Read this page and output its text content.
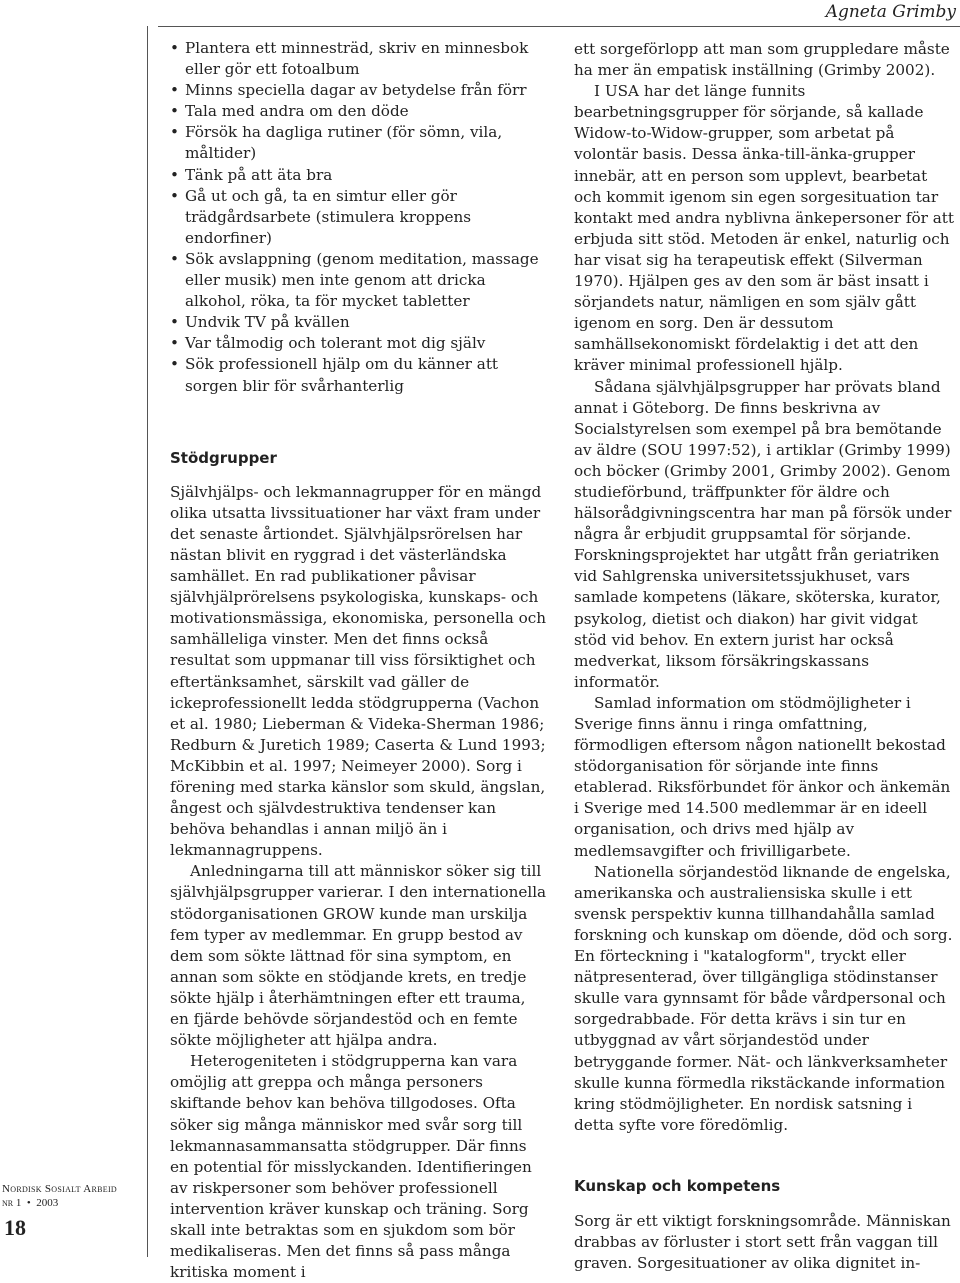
Agneta Grimby
Nordisk Sosialt Arbeid
nr 1  •  2003
18
• Plantera ett minnesträd, skriv en minnesbok eller gör ett fotoalbum
• Minns speciella dagar av betydelse från förr
• Tala med andra om den döde
• Försök ha dagliga rutiner (för sömn, vila, måltider)
• Tänk på att äta bra
• Gå ut och gå, ta en simtur eller gör trädgårdsarbete (stimulera kroppens endorfiner)
• Sök avslappning (genom meditation, massage eller musik) men inte genom att dricka alkohol, röka, ta för mycket tabletter
• Undvik TV på kvällen
• Var tålmodig och tolerant mot dig själv
• Sök professionell hjälp om du känner att sorgen blir för svårhanterlig
Stödgrupper

Självhjälps- och lekmannagrupper för en mängd olika utsatta livssituationer har växt fram under det senaste årtiondet. Självhjälpsrörelsen har nästan blivit en ryggrad i det västerländska samhället. En rad publikationer påvisar självhjälprörelsens psykologiska, kunskaps- och motivationsmässiga, ekonomiska, personella och samhälleliga vinster. Men det finns också resultat som uppmanar till viss försiktighet och eftertänksamhet, särskilt vad gäller de ickeprofessionellt ledda stödgrupperna (Vachon et al. 1980; Lieberman & Videka-Sherman 1986; Redburn & Juretich 1989; Caserta & Lund 1993; McKibbin et al. 1997; Neimeyer 2000). Sorg i förening med starka känslor som skuld, ängslan, ångest och självdestruktiva tendenser kan behöva behandlas i annan miljö än i lekmannagruppens.

Anledningarna till att människor söker sig till självhjälpsgrupper varierar. I den internationella stödorganisationen GROW kunde man urskilja fem typer av medlemmar. En grupp bestod av dem som sökte lättnad för sina symptom, en annan som sökte en stödjande krets, en tredje sökte hjälp i återhämtningen efter ett trauma, en fjärde behövde sörjandestöd och en femte sökte möjligheter att hjälpa andra.

Heterogeniteten i stödgrupperna kan vara omöjlig att greppa och många personers skiftande behov kan behöva tillgodoses. Ofta söker sig många människor med svår sorg till lekmannasammansatta stödgrupper. Där finns en potential för misslyckanden. Identifieringen av riskpersoner som behöver professionell intervention kräver kunskap och träning. Sorg skall inte betraktas som en sjukdom som bör medikaliseras. Men det finns så pass många kritiska moment i

ett sorgeförlopp att man som gruppledare måste ha mer än empatisk inställning (Grimby 2002).

I USA har det länge funnits bearbetningsgrupper för sörjande, så kallade Widow-to-Widow-grupper, som arbetat på volontär basis. Dessa änka-till-änka-grupper innebär, att en person som upplevt, bearbetat och kommit igenom sin egen sorgesituation tar kontakt med andra nyblivna änkepersoner för att erbjuda sitt stöd. Metoden är enkel, naturlig och har visat sig ha terapeutisk effekt (Silverman 1970). Hjälpen ges av den som är bäst insatt i sörjandets natur, nämligen en som själv gått igenom en sorg. Den är dessutom samhällsekonomiskt fördelaktig i det att den kräver minimal professionell hjälp.

Sådana självhjälpsgrupper har prövats bland annat i Göteborg. De finns beskrivna av Socialstyrelsen som exempel på bra bemötande av äldre (SOU 1997:52), i artiklar (Grimby 1999) och böcker (Grimby 2001, Grimby 2002). Genom studieförbund, träffpunkter för äldre och hälsorådgivningscentra har man på försök under några år erbjudit gruppsamtal för sörjande. Forskningsprojektet har utgått från geriatriken vid Sahlgrenska universitetssjukhuset, vars samlade kompetens (läkare, sköterska, kurator, psykolog, dietist och diakon) har givit vidgat stöd vid behov. En extern jurist har också medverkat, liksom försäkringskassans informatör.

Samlad information om stödmöjligheter i Sverige finns ännu i ringa omfattning, förmodligen eftersom någon nationellt bekostad stödorganisation för sörjande inte finns etablerad. Riksförbundet för änkor och änkemän i Sverige med 14.500 medlemmar är en ideell organisation, och drivs med hjälp av medlemsavgifter och frivilligarbete.

Nationella sörjandestöd liknande de engelska, amerikanska och australiensiska skulle i ett svensk perspektiv kunna tillhandahålla samlad forskning och kunskap om döende, död och sorg. En förteckning i "katalogform", tryckt eller nätpresenterad, över tillgängliga stödinstanser skulle vara gynnsamt för både vårdpersonal och sorgedrabbade. För detta krävs i sin tur en utbyggnad av vårt sörjandestöd under betryggande former. Nät- och länkverksamheter skulle kunna förmedla rikstäckande information kring stödmöjligheter. En nordisk satsning i detta syfte vore föredömlig.

Kunskap och kompetens

Sorg är ett viktigt forskningsområde. Människan drabbas av förluster i stort sett från vaggan till graven. Sorgesituationer av olika dignitet in-
